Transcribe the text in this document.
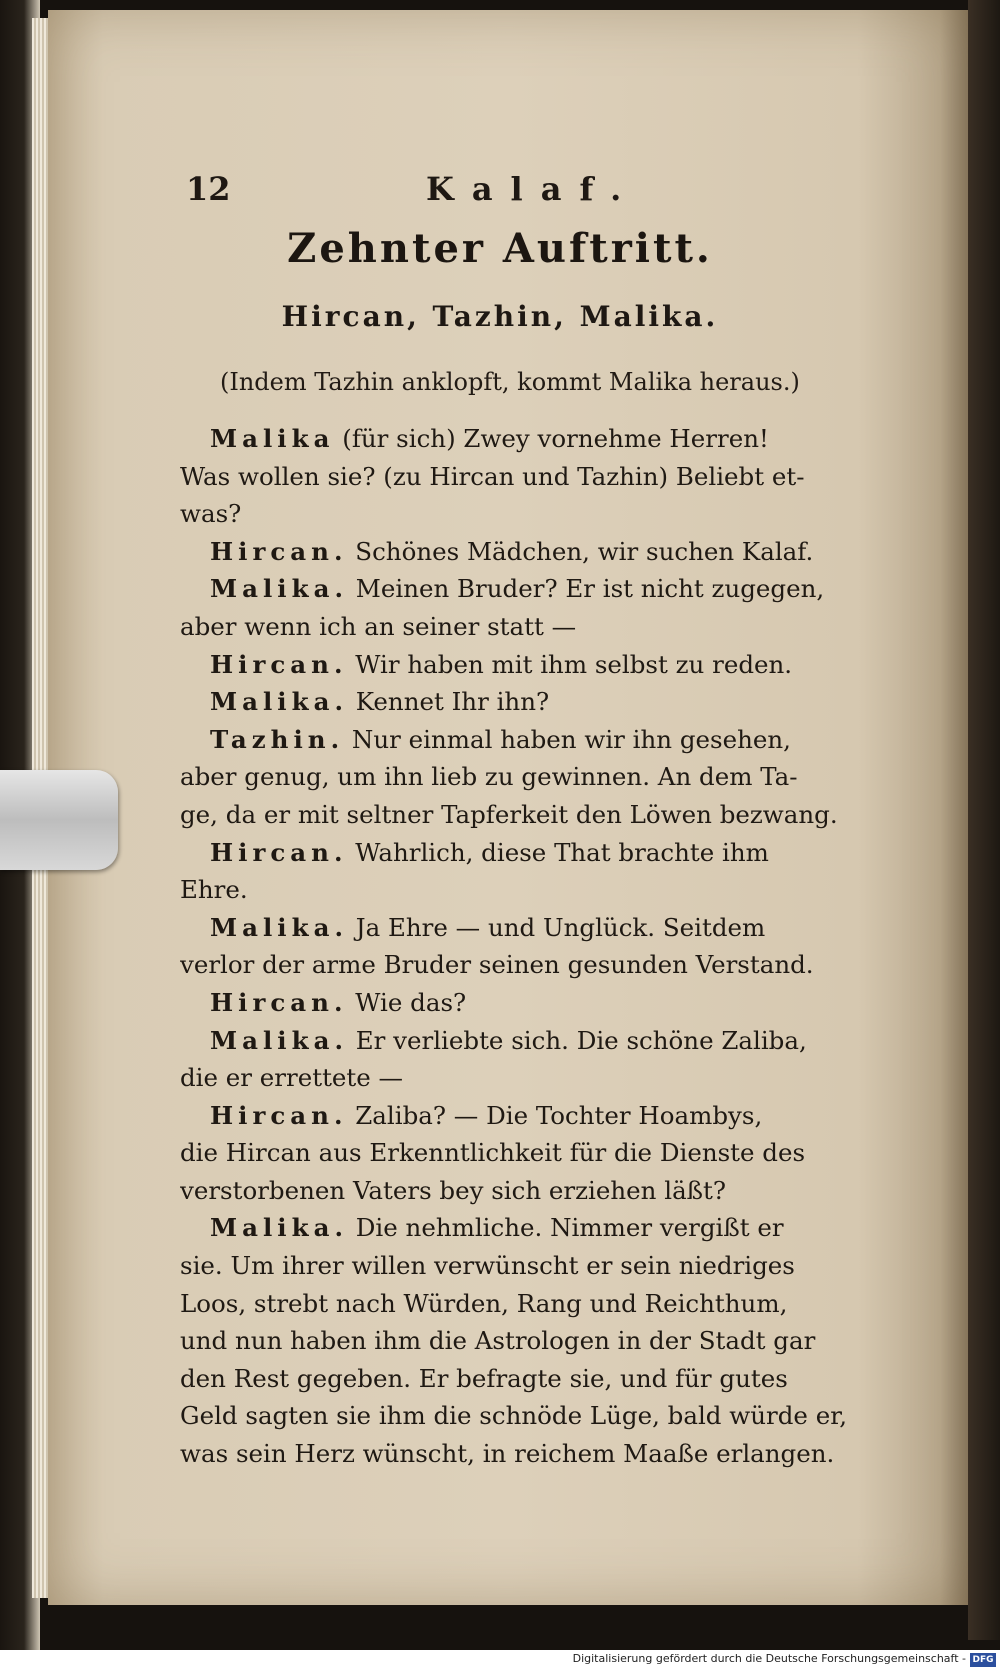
12	Kalaf.
Zehnter Auftritt.
Hircan, Tazhin, Malika.
(Indem Tazhin anklopft, kommt Malika heraus.)
Malika (für sich) Zwey vornehme Herren!
Was wollen sie? (zu Hircan und Tazhin) Beliebt et-
was?
Hircan. Schönes Mädchen, wir suchen Kalaf.
Malika. Meinen Bruder? Er ist nicht zugegen,
aber wenn ich an seiner statt —
Hircan. Wir haben mit ihm selbst zu reden.
Malika. Kennet Ihr ihn?
Tazhin. Nur einmal haben wir ihn gesehen,
aber genug, um ihn lieb zu gewinnen. An dem Ta-
ge, da er mit seltner Tapferkeit den Löwen bezwang.
Hircan. Wahrlich, diese That brachte ihm
Ehre.
Malika. Ja Ehre — und Unglück. Seitdem
verlor der arme Bruder seinen gesunden Verstand.
Hircan. Wie das?
Malika. Er verliebte sich. Die schöne Zaliba,
die er errettete —
Hircan. Zaliba? — Die Tochter Hoambys,
die Hircan aus Erkenntlichkeit für die Dienste des
verstorbenen Vaters bey sich erziehen läßt?
Malika. Die nehmliche. Nimmer vergißt er
sie. Um ihrer willen verwünscht er sein niedriges
Loos, strebt nach Würden, Rang und Reichthum,
und nun haben ihm die Astrologen in der Stadt gar
den Rest gegeben. Er befragte sie, und für gutes
Geld sagten sie ihm die schnöde Lüge, bald würde er,
was sein Herz wünscht, in reichem Maaße erlangen.
Digitalisierung gefördert durch die Deutsche Forschungsgemeinschaft - DFG
